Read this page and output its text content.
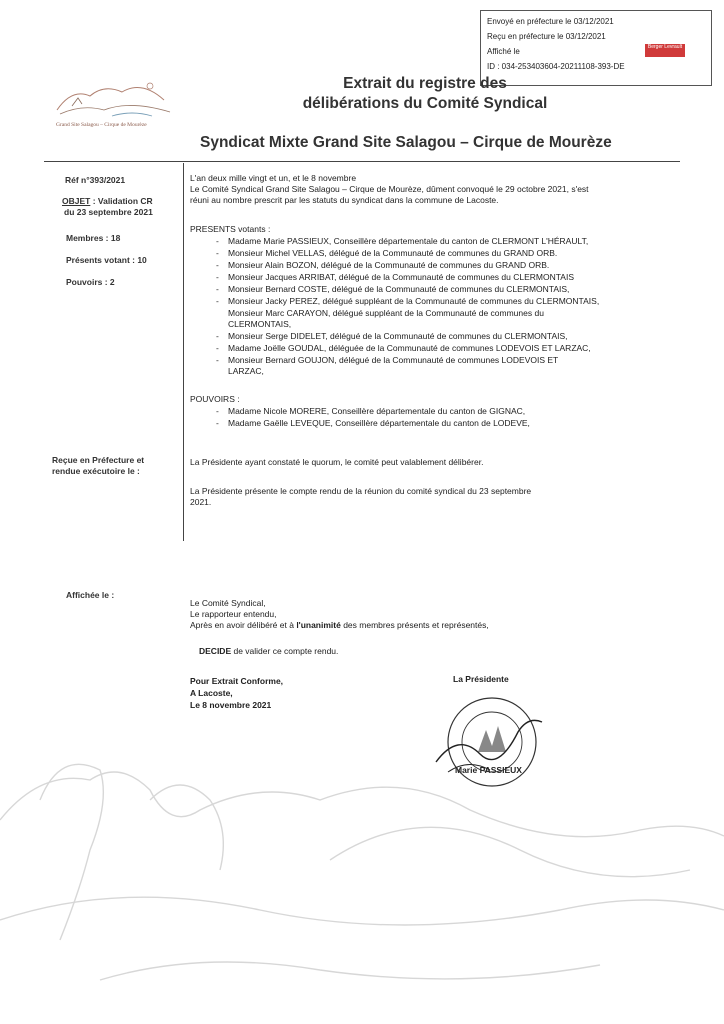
Envoyé en préfecture le 03/12/2021
Reçu en préfecture le 03/12/2021
Affiché le
ID : 034-253403604-20211108-393-DE
Berger Levrault
Grand Site Salagou – Cirque de Mourèze
Extrait du registre des
délibérations du Comité Syndical
Syndicat Mixte Grand Site Salagou – Cirque de Mourèze
Réf n°393/2021
OBJET : Validation CR
du 23 septembre 2021
Membres : 18
Présents votant : 10
Pouvoirs : 2
Reçue en Préfecture et
rendue exécutoire le :
Affichée le :
L'an deux mille vingt et un, et le 8 novembre
Le Comité Syndical Grand Site Salagou – Cirque de Mourèze, dûment convoqué le 29 octobre 2021, s'est
réuni au nombre prescrit par les statuts du syndicat dans la commune de Lacoste.
PRESENTS votants :
- Madame Marie PASSIEUX, Conseillère départementale du canton de CLERMONT L'HÉRAULT,
- Monsieur Michel VELLAS, délégué de la Communauté de communes du GRAND ORB.
- Monsieur Alain BOZON, délégué de la Communauté de communes du GRAND ORB.
- Monsieur Jacques ARRIBAT, délégué de la Communauté de communes du CLERMONTAIS
- Monsieur Bernard COSTE, délégué de la Communauté de communes du CLERMONTAIS,
- Monsieur Jacky PEREZ, délégué suppléant de la Communauté de communes du CLERMONTAIS,
Monsieur Marc CARAYON, délégué suppléant de la Communauté de communes du
CLERMONTAIS,
- Monsieur Serge DIDELET, délégué de la Communauté de communes du CLERMONTAIS,
- Madame Joëlle GOUDAL, déléguée de la Communauté de communes LODEVOIS ET LARZAC,
- Monsieur Bernard GOUJON, délégué de la Communauté de communes LODEVOIS ET
LARZAC,
POUVOIRS :
- Madame Nicole MORERE, Conseillère départementale du canton de GIGNAC,
- Madame Gaëlle LEVEQUE, Conseillère départementale du canton de LODEVE,
La Présidente ayant constaté le quorum, le comité peut valablement délibérer.
La Présidente présente le compte rendu de la réunion du comité syndical du 23 septembre
2021.
Le Comité Syndical,
Le rapporteur entendu,
Après en avoir délibéré et à l'unanimité des membres présents et représentés,
DECIDE de valider ce compte rendu.
Pour Extrait Conforme,
A Lacoste,
Le 8 novembre 2021
La Présidente
Marie PASSIEUX
